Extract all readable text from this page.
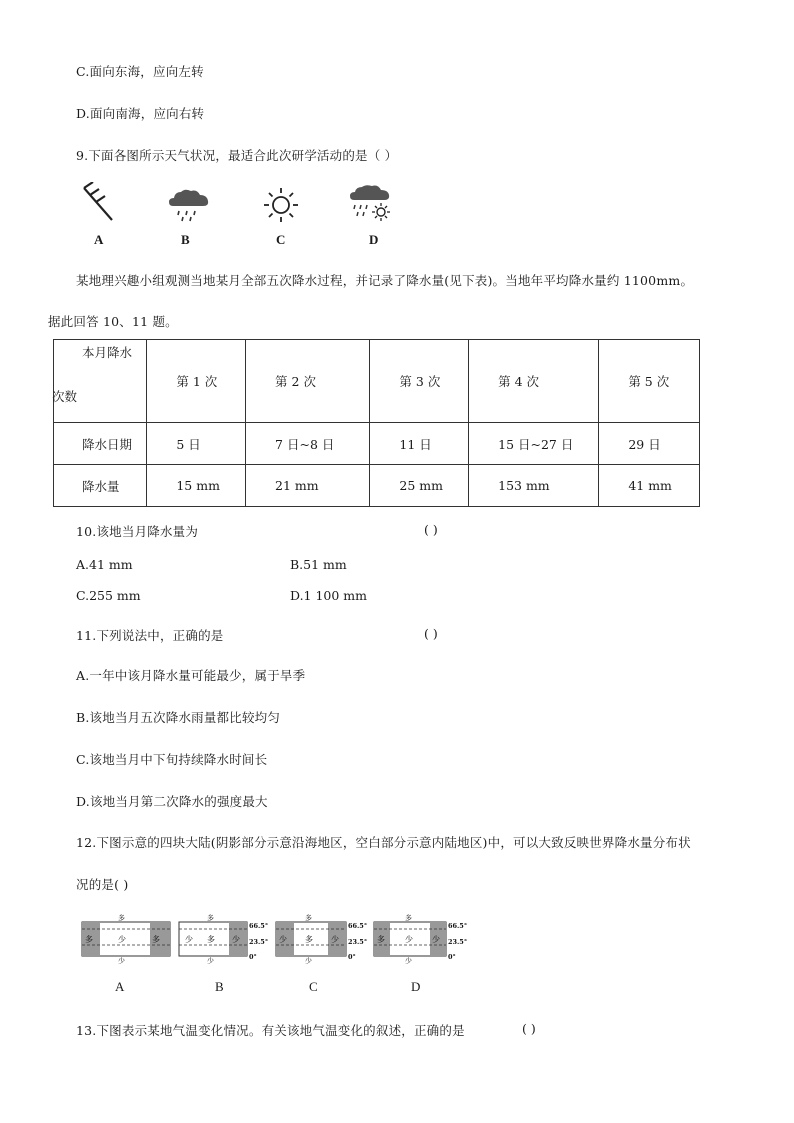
C.面向东海，应向左转
D.面向南海，应向右转
9.下面各图所示天气状况，最适合此次研学活动的是（ ）
A	B	C	D
某地理兴趣小组观测当地某月全部五次降水过程，并记录了降水量(见下表)。当地年平均降水量约 1100mm。
据此回答 10、11 题。
本月降水
次数	第 1 次	第 2 次	第 3 次	第 4 次	第 5 次

降水日期	5 日	7 日~8 日	11 日	15 日~27 日	29 日

降水量	15 mm	21 mm	25 mm	153 mm	41 mm
10.该地当月降水量为	( )
A.41 mm	B.51 mm
C.255 mm	D.1 100 mm
11.下列说法中，正确的是	( )
A.一年中该月降水量可能最少，属于旱季
B.该地当月五次降水雨量都比较均匀
C.该地当月中下旬持续降水时间长
D.该地当月第二次降水的强度最大
12.下图示意的四块大陆(阴影部分示意沿海地区，空白部分示意内陆地区)中，可以大致反映世界降水量分布状
况的是( )
多	少	多
多
少
A
少 多 少
多
少
66.5°
23.5°
0°
B
少 多 少
多
少
66.5°
23.5°
0°
C
多	少 少
多
少
66.5°
23.5°
0°
D
13.下图表示某地气温变化情况。有关该地气温变化的叙述，正确的是	( )
